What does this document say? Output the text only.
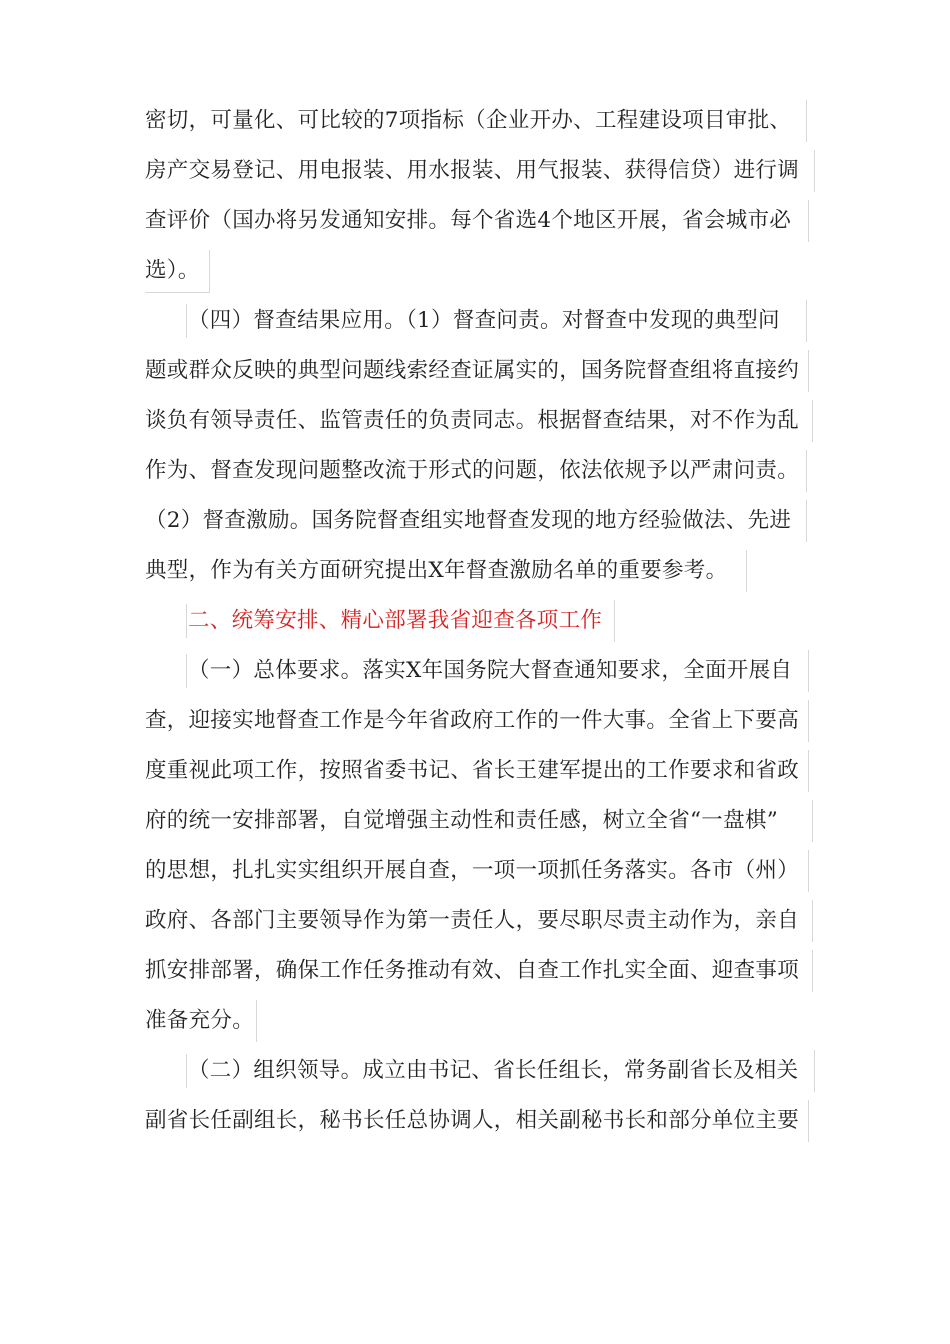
密切，可量化、可比较的7项指标（企业开办、工程建设项目审批、
房产交易登记、用电报装、用水报装、用气报装、获得信贷）进行调
查评价（国办将另发通知安排。每个省选4个地区开展，省会城市必
选）。
（四）督查结果应用。（1）督查问责。对督查中发现的典型问
题或群众反映的典型问题线索经查证属实的，国务院督查组将直接约
谈负有领导责任、监管责任的负责同志。根据督查结果，对不作为乱
作为、督查发现问题整改流于形式的问题，依法依规予以严肃问责。
（2）督查激励。国务院督查组实地督查发现的地方经验做法、先进
典型，作为有关方面研究提出X年督查激励名单的重要参考。
二、统筹安排、精心部署我省迎查各项工作
（一）总体要求。落实X年国务院大督查通知要求，全面开展自
查，迎接实地督查工作是今年省政府工作的一件大事。全省上下要高
度重视此项工作，按照省委书记、省长王建军提出的工作要求和省政
府的统一安排部署，自觉增强主动性和责任感，树立全省“一盘棋”
的思想，扎扎实实组织开展自查，一项一项抓任务落实。各市（州）
政府、各部门主要领导作为第一责任人，要尽职尽责主动作为，亲自
抓安排部署，确保工作任务推动有效、自查工作扎实全面、迎查事项
准备充分。
（二）组织领导。成立由书记、省长任组长，常务副省长及相关
副省长任副组长，秘书长任总协调人，相关副秘书长和部分单位主要
